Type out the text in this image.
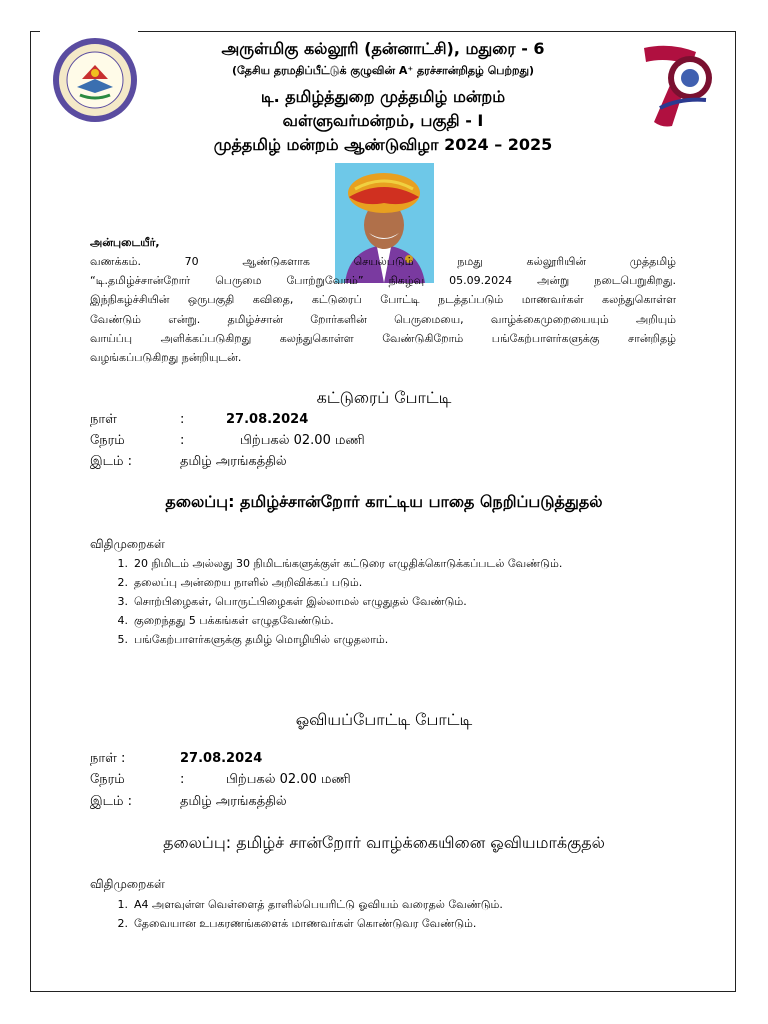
அருள்மிகு கல்லூரி (தன்னாட்சி), மதுரை - 6
(தேசிய தரமதிப்பீட்டுக் குழுவின் A⁺ தரச்சான்றிதழ் பெற்றது)
டி. தமிழ்த்துறை முத்தமிழ் மன்றம்
வள்ளுவர்மன்றம், பகுதி - I
முத்தமிழ் மன்றம் ஆண்டுவிழா 2024 – 2025
அன்புடையீர்,
வணக்கம். 70 ஆண்டுகளாக செயல்படும் நமது கல்லூரியின் முத்தமிழ்
“டி.தமிழ்ச்சான்றோர் பெருமை போற்றுவோம்” நிகழ்வு 05.09.2024 அன்று நடைபெறுகிறது.
இந்நிகழ்ச்சியின் ஒருபகுதி கவிதை, கட்டுரைப் போட்டி நடத்தப்படும் மாணவர்கள் கலந்துகொள்ள
வேண்டும் என்று. தமிழ்ச்சான் றோர்களின் பெருமையை, வாழ்க்கைமுறையையும் அறியும்
வாய்ப்பு அளிக்கப்படுகிறது கலந்துகொள்ள வேண்டுகிறோம் பங்கேற்பாளர்களுக்கு சான்றிதழ்
வழங்கப்படுகிறது நன்றியுடன்.
கட்டுரைப் போட்டி
நாள்	:	27.08.2024
நேரம்	:	பிற்பகல் 02.00 மணி
இடம் :	தமிழ் அரங்கத்தில்
தலைப்பு: தமிழ்ச்சான்றோர் காட்டிய பாதை நெறிப்படுத்துதல்
விதிமுறைகள்
1. 20 நிமிடம் அல்லது 30 நிமிடங்களுக்குள் கட்டுரை எழுதிக்கொடுக்கப்படல் வேண்டும்.
2. தலைப்பு அன்றைய நாளில் அறிவிக்கப் படும்.
3. சொற்பிழைகள், பொருட்பிழைகள் இல்லாமல் எழுதுதல் வேண்டும்.
4. குறைந்தது 5 பக்கங்கள் எழுதவேண்டும்.
5. பங்கேற்பாளர்களுக்கு தமிழ் மொழியில் எழுதலாம்.
ஓவியப்போட்டி போட்டி
நாள் :	27.08.2024
நேரம்	:	பிற்பகல் 02.00 மணி
இடம் :	தமிழ் அரங்கத்தில்
தலைப்பு: தமிழ்ச் சான்றோர் வாழ்க்கையினை ஓவியமாக்குதல்
விதிமுறைகள்
1. A4 அளவுள்ள வெள்ளைத் தாளில்பெயரிட்டு ஓவியம் வரைதல் வேண்டும்.
2. தேவையான உபகரணங்களைக் மாணவர்கள் கொண்டுவர வேண்டும்.
